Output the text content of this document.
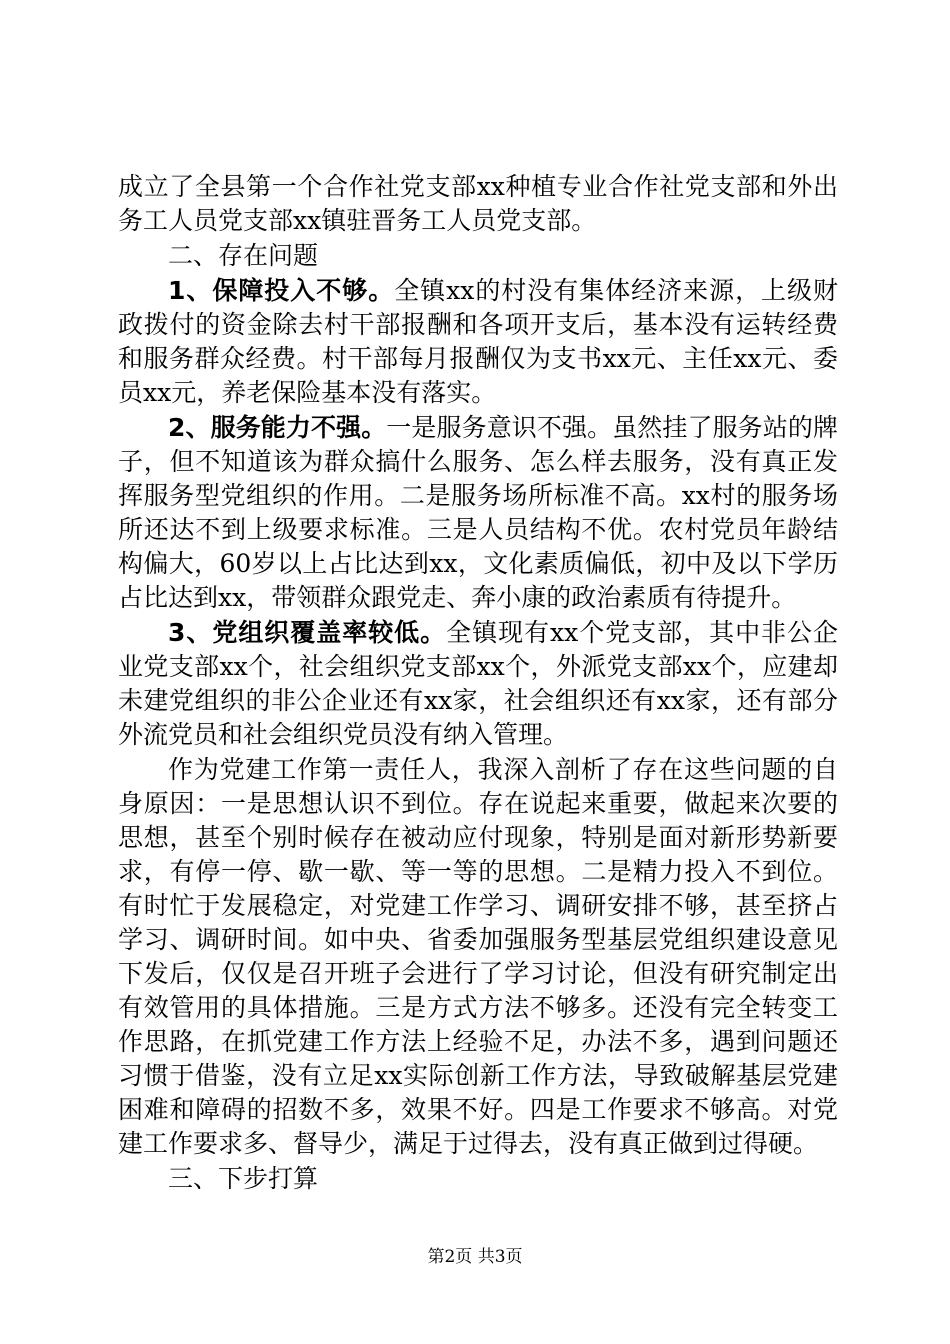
成立了全县第一个合作社党支部xx种植专业合作社党支部和外出务工人员党支部xx镇驻晋务工人员党支部。

二、存在问题

1、保障投入不够。全镇xx的村没有集体经济来源，上级财政拨付的资金除去村干部报酬和各项开支后，基本没有运转经费和服务群众经费。村干部每月报酬仅为支书xx元、主任xx元、委员xx元，养老保险基本没有落实。

2、服务能力不强。一是服务意识不强。虽然挂了服务站的牌子，但不知道该为群众搞什么服务、怎么样去服务，没有真正发挥服务型党组织的作用。二是服务场所标准不高。xx村的服务场所还达不到上级要求标准。三是人员结构不优。农村党员年龄结构偏大，60岁以上占比达到xx，文化素质偏低，初中及以下学历占比达到xx，带领群众跟党走、奔小康的政治素质有待提升。

3、党组织覆盖率较低。全镇现有xx个党支部，其中非公企业党支部xx个，社会组织党支部xx个，外派党支部xx个，应建却未建党组织的非公企业还有xx家，社会组织还有xx家，还有部分外流党员和社会组织党员没有纳入管理。

作为党建工作第一责任人，我深入剖析了存在这些问题的自身原因：一是思想认识不到位。存在说起来重要，做起来次要的思想，甚至个别时候存在被动应付现象，特别是面对新形势新要求，有停一停、歇一歇、等一等的思想。二是精力投入不到位。有时忙于发展稳定，对党建工作学习、调研安排不够，甚至挤占学习、调研时间。如中央、省委加强服务型基层党组织建设意见下发后，仅仅是召开班子会进行了学习讨论，但没有研究制定出有效管用的具体措施。三是方式方法不够多。还没有完全转变工作思路，在抓党建工作方法上经验不足，办法不多，遇到问题还习惯于借鉴，没有立足xx实际创新工作方法，导致破解基层党建困难和障碍的招数不多，效果不好。四是工作要求不够高。对党建工作要求多、督导少，满足于过得去，没有真正做到过得硬。

三、下步打算

第2页 共3页
